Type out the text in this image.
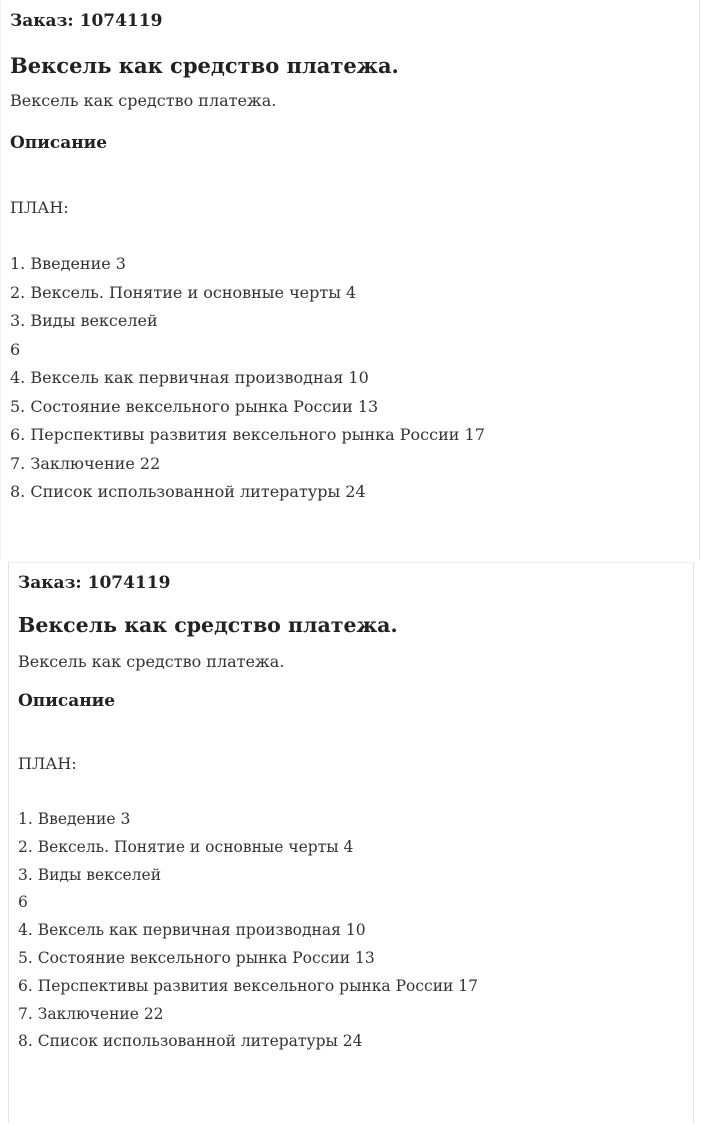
Заказ: 1074119
Вексель как средство платежа.
Вексель как средство платежа.
Описание
ПЛАН:
1. Введение 3
2. Вексель. Понятие и основные черты 4
3. Виды векселей
6
4. Вексель как первичная производная 10
5. Состояние вексельного рынка России 13
6. Перспективы развития вексельного рынка России 17
7. Заключение 22
8. Список использованной литературы 24
Заказ: 1074119
Вексель как средство платежа.
Вексель как средство платежа.
Описание
ПЛАН:
1. Введение 3
2. Вексель. Понятие и основные черты 4
3. Виды векселей
6
4. Вексель как первичная производная 10
5. Состояние вексельного рынка России 13
6. Перспективы развития вексельного рынка России 17
7. Заключение 22
8. Список использованной литературы 24
